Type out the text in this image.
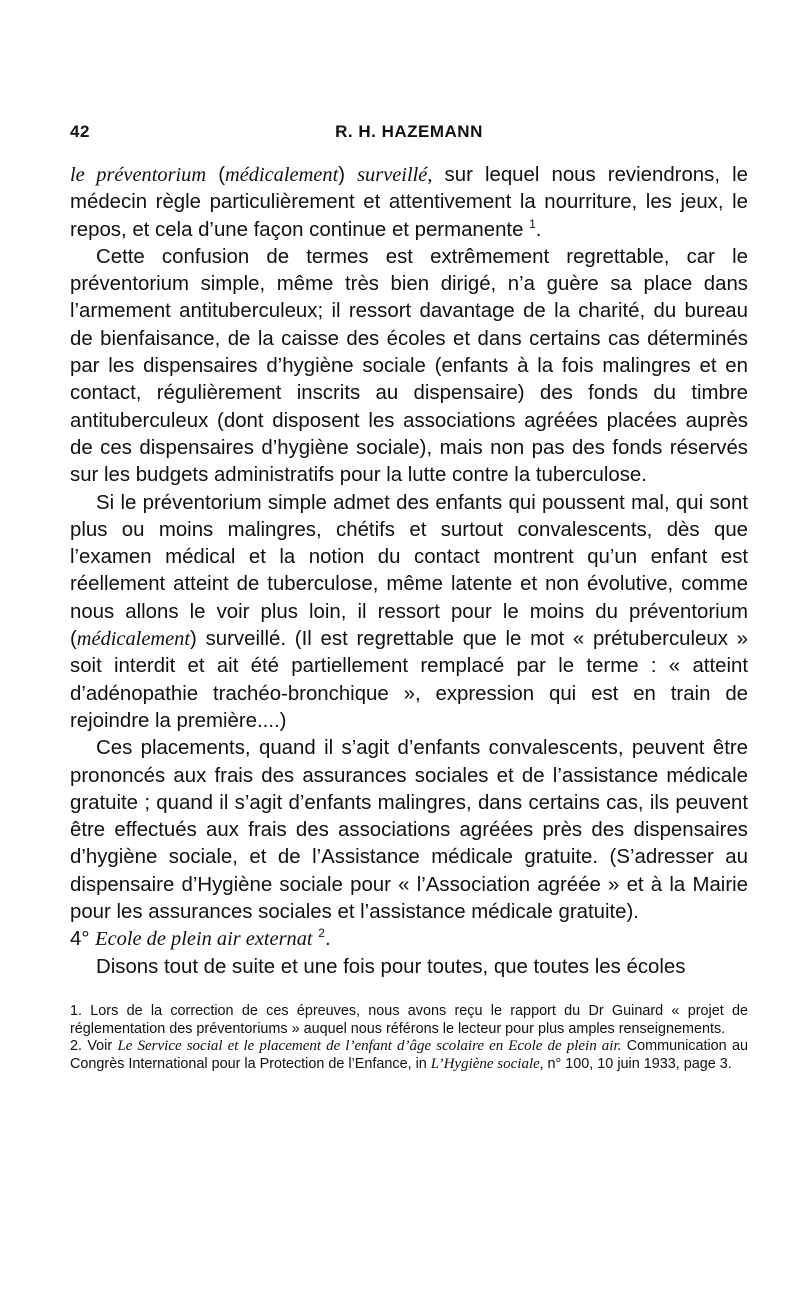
42	R. H. HAZEMANN

le préventorium (médicalement) surveillé, sur lequel nous reviendrons, le médecin règle particulièrement et attentivement la nourriture, les jeux, le repos, et cela d’une façon continue et permanente $^1$.

Cette confusion de termes est extrêmement regrettable, car le préventorium simple, même très bien dirigé, n’a guère sa place dans l’armement antituberculeux; il ressort davantage de la charité, du bureau de bienfaisance, de la caisse des écoles et dans certains cas déterminés par les dispensaires d’hygiène sociale (enfants à la fois malingres et en contact, régulièrement inscrits au dispensaire) des fonds du timbre antituberculeux (dont disposent les associations agréées placées auprès de ces dispensaires d’hygiène sociale), mais non pas des fonds réservés sur les budgets administratifs pour la lutte contre la tuberculose.

Si le préventorium simple admet des enfants qui poussent mal, qui sont plus ou moins malingres, chétifs et surtout convalescents, dès que l’examen médical et la notion du contact montrent qu’un enfant est réellement atteint de tuberculose, même latente et non évolutive, comme nous allons le voir plus loin, il ressort pour le moins du préventorium (médicalement) surveillé. (Il est regrettable que le mot « prétuberculeux » soit interdit et ait été partiellement remplacé par le terme : « atteint d’adénopathie trachéo-bronchique », expression qui est en train de rejoindre la première....)

Ces placements, quand il s’agit d’enfants convalescents, peuvent être prononcés aux frais des assurances sociales et de l’assistance médicale gratuite ; quand il s’agit d’enfants malingres, dans certains cas, ils peuvent être effectués aux frais des associations agréées près des dispensaires d’hygiène sociale, et de l’Assistance médicale gratuite. (S’adresser au dispensaire d’Hygiène sociale pour « l’Association agréée » et à la Mairie pour les assurances sociales et l’assistance médicale gratuite).

4° Ecole de plein air externat $^2$.

Disons tout de suite et une fois pour toutes, que toutes les écoles

1. Lors de la correction de ces épreuves, nous avons reçu le rapport du Dr Guinard « projet de réglementation des préventoriums » auquel nous référons le lecteur pour plus amples renseignements.

2. Voir Le Service social et le placement de l’enfant d’âge scolaire en Ecole de plein air. Communication au Congrès International pour la Protection de l’Enfance, in L’Hygiène sociale, n° 100, 10 juin 1933, page 3.
